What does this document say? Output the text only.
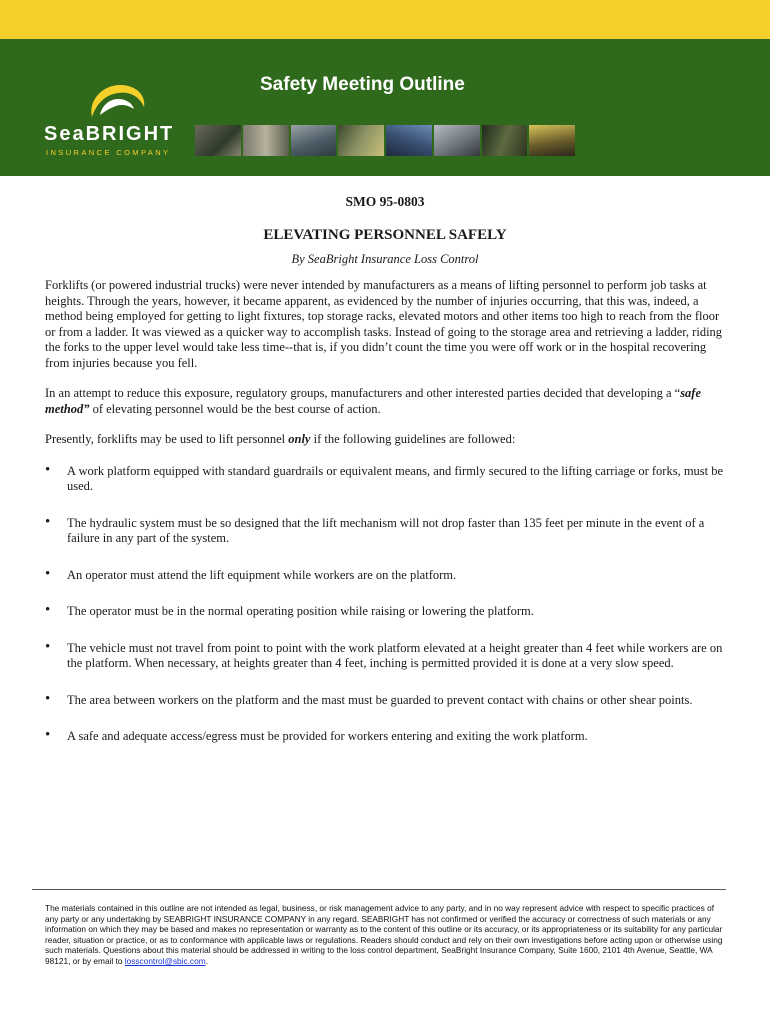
SeaBRIGHT
INSURANCE COMPANY
Safety Meeting Outline
SMO 95-0803
ELEVATING PERSONNEL SAFELY
By SeaBright Insurance Loss Control

Forklifts (or powered industrial trucks) were never intended by manufacturers as a means of lifting personnel to perform job tasks at heights. Through the years, however, it became apparent, as evidenced by the number of injuries occurring, that this was, indeed, a method being employed for getting to light fixtures, top storage racks, elevated motors and other items too high to reach from the floor or from a ladder. It was viewed as a quicker way to accomplish tasks. Instead of going to the storage area and retrieving a ladder, riding the forks to the upper level would take less time--that is, if you didn’t count the time you were off work or in the hospital recovering from injuries because you fell.

In an attempt to reduce this exposure, regulatory groups, manufacturers and other interested parties decided that developing a “safe method” of elevating personnel would be the best course of action.

Presently, forklifts may be used to lift personnel only if the following guidelines are followed:

• A work platform equipped with standard guardrails or equivalent means, and firmly secured to the lifting carriage or forks, must be used.
• The hydraulic system must be so designed that the lift mechanism will not drop faster than 135 feet per minute in the event of a failure in any part of the system.
• An operator must attend the lift equipment while workers are on the platform.
• The operator must be in the normal operating position while raising or lowering the platform.
• The vehicle must not travel from point to point with the work platform elevated at a height greater than 4 feet while workers are on the platform. When necessary, at heights greater than 4 feet, inching is permitted provided it is done at a very slow speed.
• The area between workers on the platform and the mast must be guarded to prevent contact with chains or other shear points.
• A safe and adequate access/egress must be provided for workers entering and exiting the work platform.
The materials contained in this outline are not intended as legal, business, or risk management advice to any party, and in no way represent advice with respect to specific practices of any party or any undertaking by SEABRIGHT INSURANCE COMPANY in any regard. SEABRIGHT has not confirmed or verified the accuracy or correctness of such materials or any information on which they may be based and makes no representation or warranty as to the content of this outline or its accuracy, or its appropriateness or its suitability for any particular reader, situation or practice, or as to conformance with applicable laws or regulations. Readers should conduct and rely on their own investigations before acting upon or otherwise using such materials. Questions about this material should be addressed in writing to the loss control department, SeaBright Insurance Company, Suite 1600, 2101 4th Avenue, Seattle, WA 98121, or by email to losscontrol@sbic.com.
